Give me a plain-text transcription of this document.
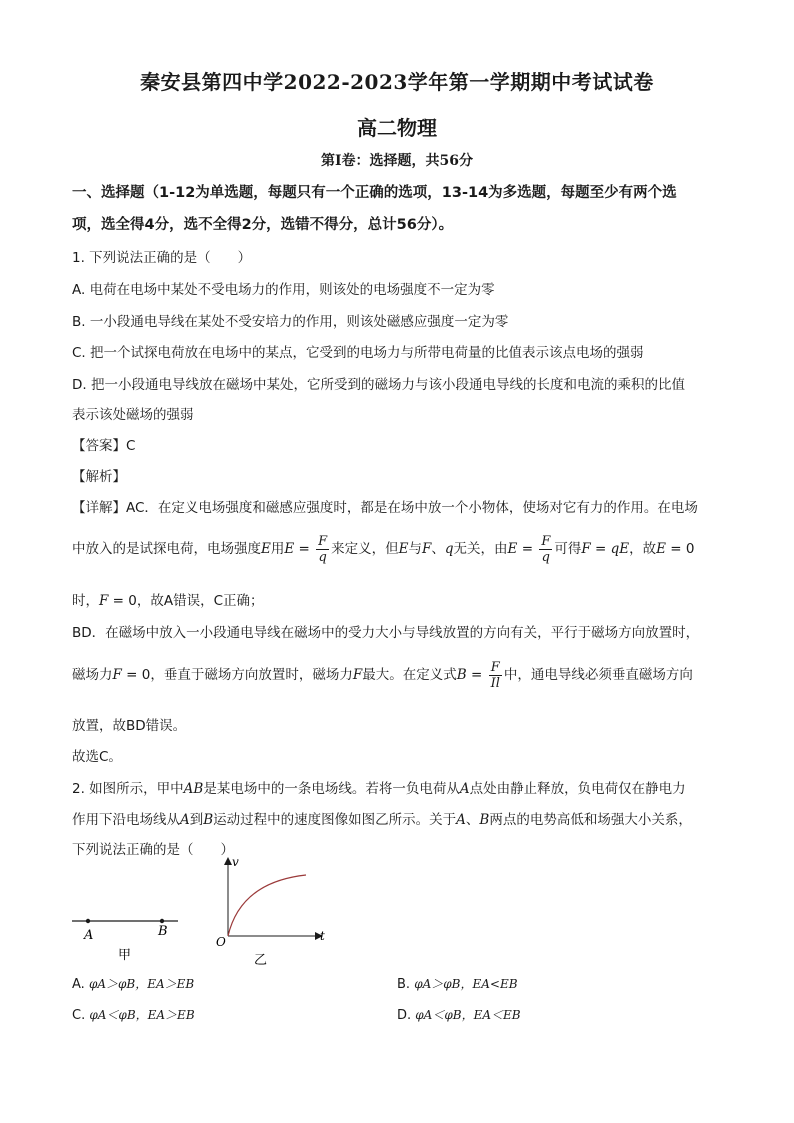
秦安县第四中学2022-2023学年第一学期期中考试试卷
高二物理
第Ⅰ卷：选择题，共56分
一、选择题（1-12为单选题，每题只有一个正确的选项，13-14为多选题，每题至少有两个选
项，选全得4分，选不全得2分，选错不得分，总计56分）。
1. 下列说法正确的是（　　）
A. 电荷在电场中某处不受电场力的作用，则该处的电场强度不一定为零
B. 一小段通电导线在某处不受安培力的作用，则该处磁感应强度一定为零
C. 把一个试探电荷放在电场中的某点，它受到的电场力与所带电荷量的比值表示该点电场的强弱
D. 把一小段通电导线放在磁场中某处，它所受到的磁场力与该小段通电导线的长度和电流的乘积的比值
表示该处磁场的强弱
【答案】C
【解析】
【详解】AC．在定义电场强度和磁感应强度时，都是在场中放一个小物体，使场对它有力的作用。在电场
中放入的是试探电荷，电场强度E用$E = \frac{F}{q}$ 来定义，但E与F、q无关，由$E = \frac{F}{q}$ 可得F = qE，故E = 0
时，F = 0，故A错误，C正确；
BD．在磁场中放入一小段通电导线在磁场中的受力大小与导线放置的方向有关，平行于磁场方向放置时，
磁场力F = 0，垂直于磁场方向放置时，磁场力F最大。在定义式$B = \frac{F}{Il}$ 中，通电导线必须垂直磁场方向
放置，故BD错误。
故选C。
2. 如图所示，甲中AB是某电场中的一条电场线。若将一负电荷从A点处由静止释放，负电荷仅在静电力
作用下沿电场线从A到B运动过程中的速度图像如图乙所示。关于A、B两点的电势高低和场强大小关系，
下列说法正确的是（　　）
A	B
甲
v
t
O
乙
A. φA＞φB，EA＞EB	B. φA＞φB，EA<EB
C. φA＜φB，EA＞EB	D. φA＜φB，EA＜EB
